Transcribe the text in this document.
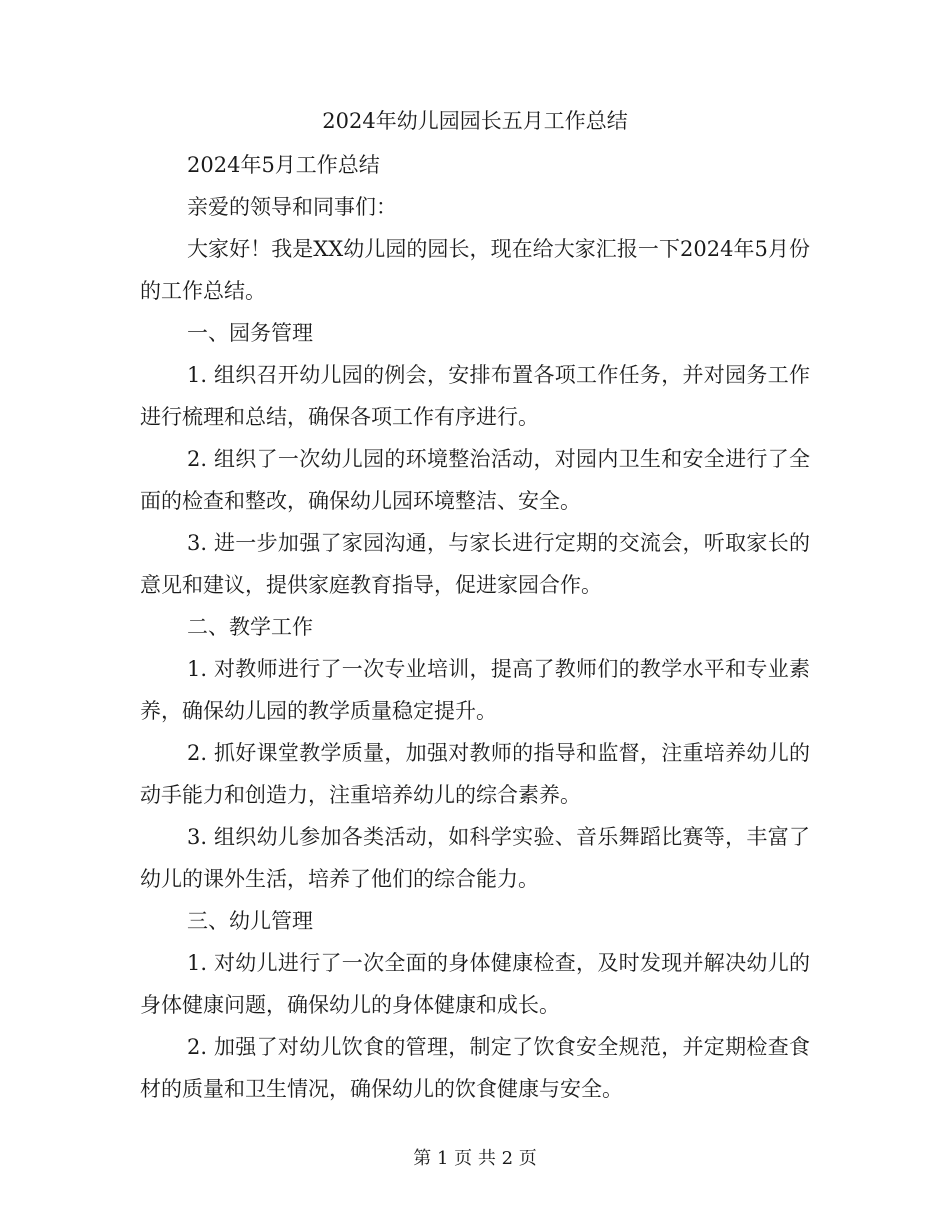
2024年幼儿园园长五月工作总结

2024年5月工作总结

亲爱的领导和同事们：

大家好！我是XX幼儿园的园长，现在给大家汇报一下2024年5月份的工作总结。

一、园务管理

1. 组织召开幼儿园的例会，安排布置各项工作任务，并对园务工作进行梳理和总结，确保各项工作有序进行。

2. 组织了一次幼儿园的环境整治活动，对园内卫生和安全进行了全面的检查和整改，确保幼儿园环境整洁、安全。

3. 进一步加强了家园沟通，与家长进行定期的交流会，听取家长的意见和建议，提供家庭教育指导，促进家园合作。

二、教学工作

1. 对教师进行了一次专业培训，提高了教师们的教学水平和专业素养，确保幼儿园的教学质量稳定提升。

2. 抓好课堂教学质量，加强对教师的指导和监督，注重培养幼儿的动手能力和创造力，注重培养幼儿的综合素养。

3. 组织幼儿参加各类活动，如科学实验、音乐舞蹈比赛等，丰富了幼儿的课外生活，培养了他们的综合能力。

三、幼儿管理

1. 对幼儿进行了一次全面的身体健康检查，及时发现并解决幼儿的身体健康问题，确保幼儿的身体健康和成长。

2. 加强了对幼儿饮食的管理，制定了饮食安全规范，并定期检查食材的质量和卫生情况，确保幼儿的饮食健康与安全。

第 1 页 共 2 页
